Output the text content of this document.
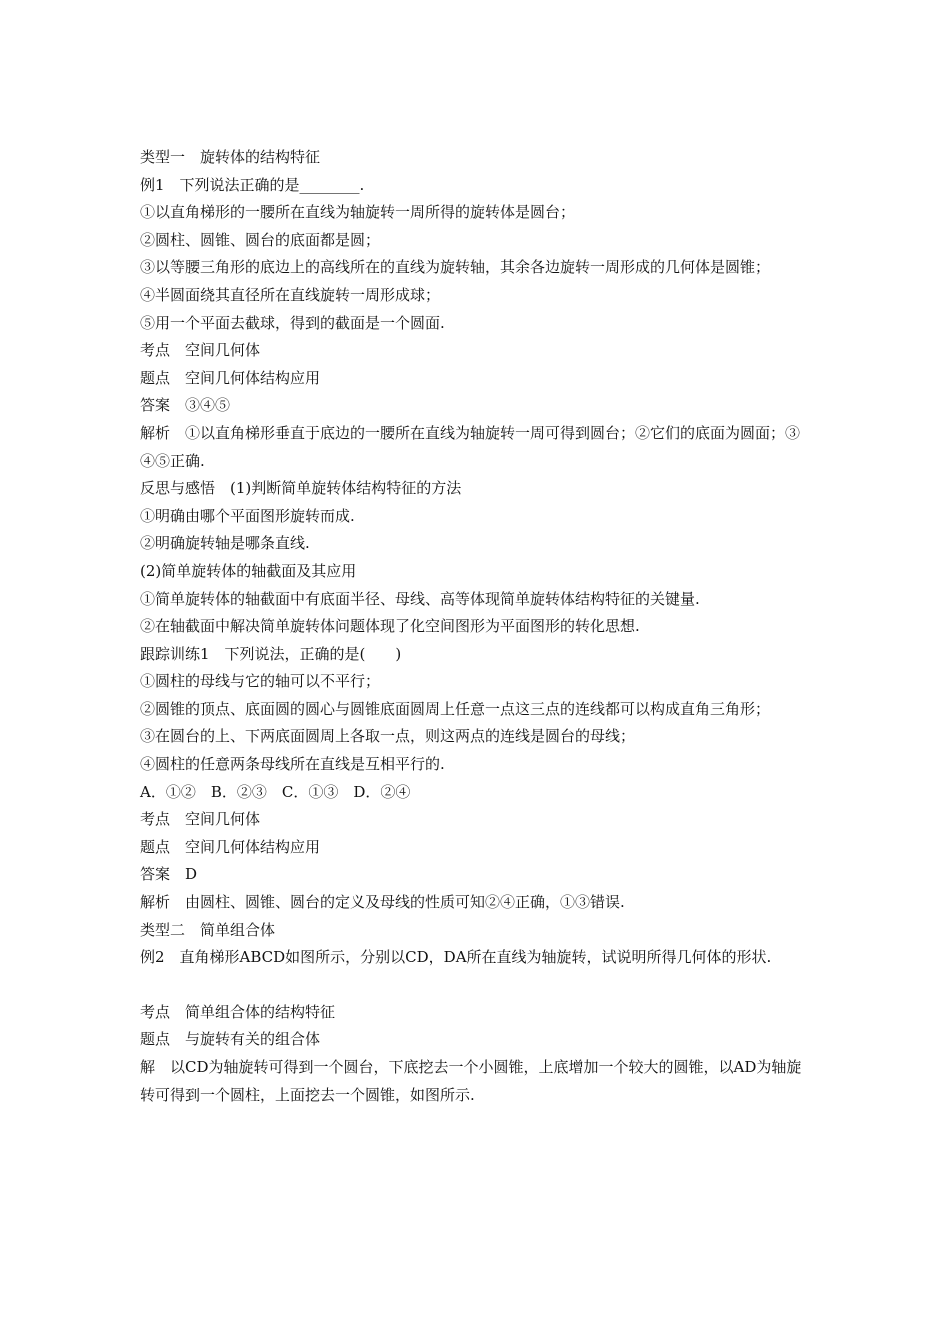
类型一　旋转体的结构特征
例1　下列说法正确的是________.
①以直角梯形的一腰所在直线为轴旋转一周所得的旋转体是圆台；
②圆柱、圆锥、圆台的底面都是圆；
③以等腰三角形的底边上的高线所在的直线为旋转轴，其余各边旋转一周形成的几何体是圆锥；
④半圆面绕其直径所在直线旋转一周形成球；
⑤用一个平面去截球，得到的截面是一个圆面.
考点　空间几何体
题点　空间几何体结构应用
答案　③④⑤
解析　①以直角梯形垂直于底边的一腰所在直线为轴旋转一周可得到圆台；②它们的底面为圆面；③④⑤正确.
反思与感悟　(1)判断简单旋转体结构特征的方法
①明确由哪个平面图形旋转而成.
②明确旋转轴是哪条直线.
(2)简单旋转体的轴截面及其应用
①简单旋转体的轴截面中有底面半径、母线、高等体现简单旋转体结构特征的关键量.
②在轴截面中解决简单旋转体问题体现了化空间图形为平面图形的转化思想.
跟踪训练1　下列说法，正确的是(　　)
①圆柱的母线与它的轴可以不平行；
②圆锥的顶点、底面圆的圆心与圆锥底面圆周上任意一点这三点的连线都可以构成直角三角形；
③在圆台的上、下两底面圆周上各取一点，则这两点的连线是圆台的母线；
④圆柱的任意两条母线所在直线是互相平行的.
A．①②　B．②③　C．①③　D．②④
考点　空间几何体
题点　空间几何体结构应用
答案　D
解析　由圆柱、圆锥、圆台的定义及母线的性质可知②④正确，①③错误.
类型二　简单组合体
例2　直角梯形ABCD如图所示，分别以CD，DA所在直线为轴旋转，试说明所得几何体的形状.
考点　简单组合体的结构特征
题点　与旋转有关的组合体
解　以CD为轴旋转可得到一个圆台，下底挖去一个小圆锥，上底增加一个较大的圆锥，以AD为轴旋转可得到一个圆柱，上面挖去一个圆锥，如图所示.
